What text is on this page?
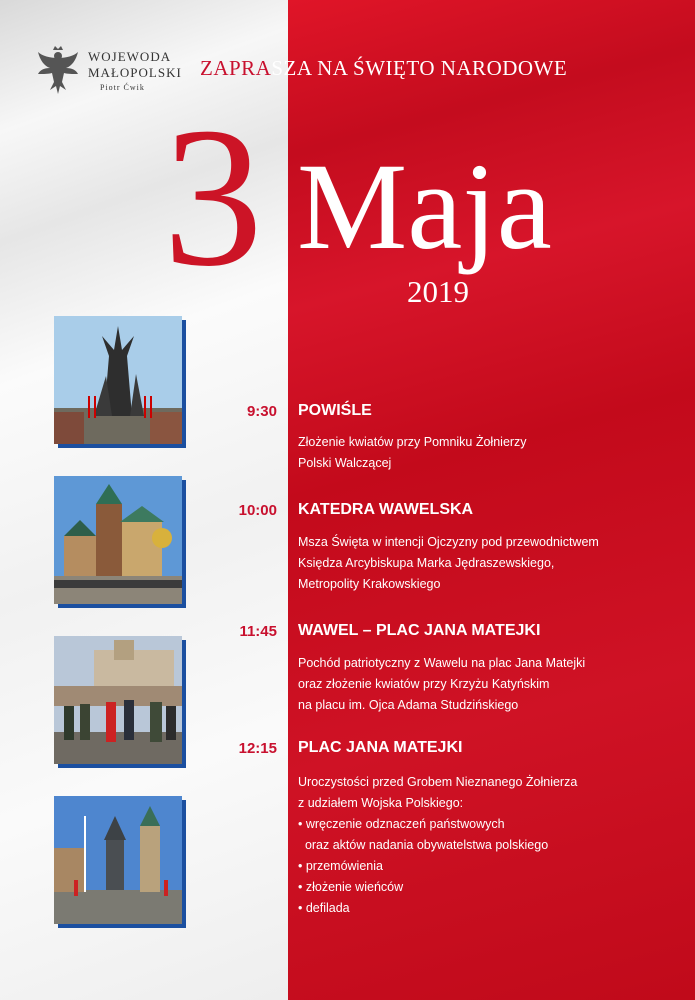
WOJEWODA
MAŁOPOLSKI
Piotr Ćwik
ZAPRASZA NA ŚWIĘTO NARODOWE
3 Maja
2019
9:30 POWIŚLE
Złożenie kwiatów przy Pomniku Żołnierzy
Polski Walczącej
10:00 KATEDRA WAWELSKA
Msza Święta w intencji Ojczyzny pod przewodnictwem
Księdza Arcybiskupa Marka Jędraszewskiego,
Metropolity Krakowskiego
11:45 WAWEL – PLAC JANA MATEJKI
Pochód patriotyczny z Wawelu na plac Jana Matejki
oraz złożenie kwiatów przy Krzyżu Katyńskim
na placu im. Ojca Adama Studzińskiego
12:15 PLAC JANA MATEJKI
Uroczystości przed Grobem Nieznanego Żołnierza
z udziałem Wojska Polskiego:
• wręczenie odznaczeń państwowych
oraz aktów nadania obywatelstwa polskiego
• przemówienia
• złożenie wieńców
• defilada
